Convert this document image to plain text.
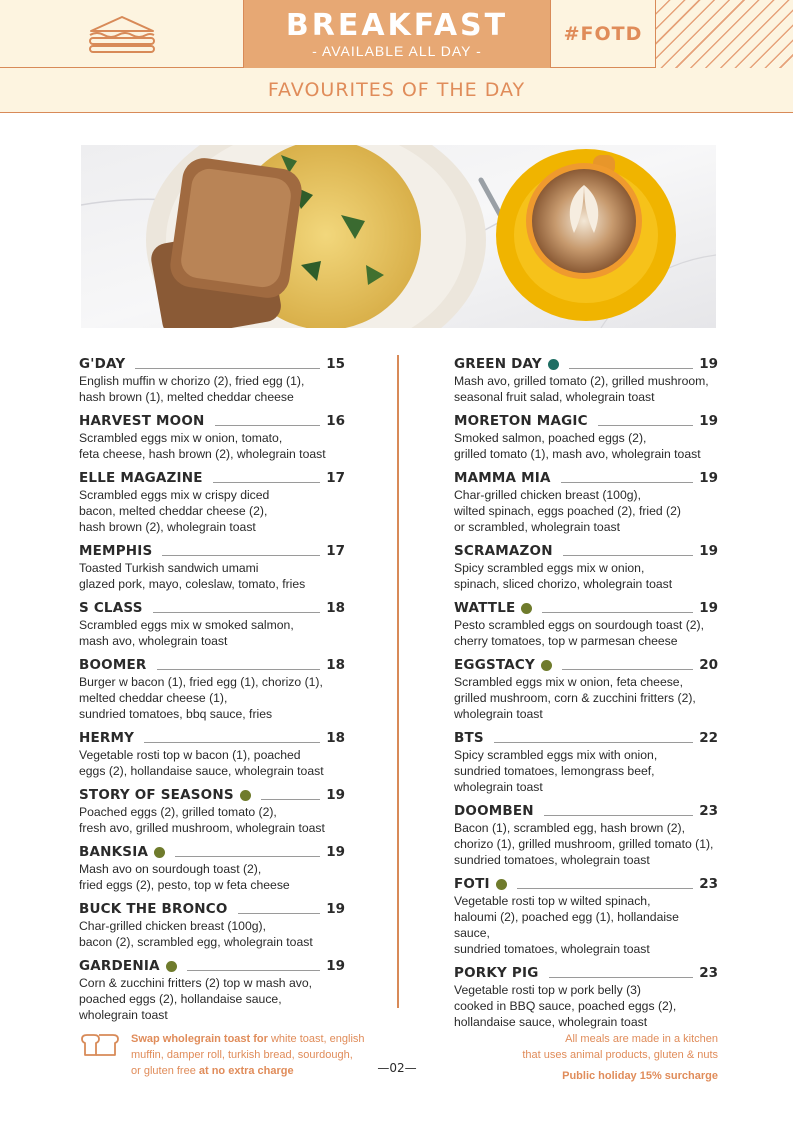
BREAKFAST
- AVAILABLE ALL DAY -
#FOTD
FAVOURITES OF THE DAY
G'DAY	15
English muffin w chorizo (2), fried egg (1),
hash brown (1), melted cheddar cheese
HARVEST MOON	16
Scrambled eggs mix w onion, tomato,
feta cheese, hash brown (2), wholegrain toast
ELLE MAGAZINE	17
Scrambled eggs mix w crispy diced
bacon, melted cheddar cheese (2),
hash brown (2), wholegrain toast
MEMPHIS	17
Toasted Turkish sandwich umami
glazed pork, mayo, coleslaw, tomato, fries
S CLASS	18
Scrambled eggs mix w smoked salmon,
mash avo, wholegrain toast
BOOMER	18
Burger w bacon (1), fried egg (1), chorizo (1),
melted cheddar cheese (1),
sundried tomatoes, bbq sauce, fries
HERMY	18
Vegetable rosti top w bacon (1), poached
eggs (2), hollandaise sauce, wholegrain toast
STORY OF SEASONS	19
Poached eggs (2), grilled tomato (2),
fresh avo, grilled mushroom, wholegrain toast
BANKSIA	19
Mash avo on sourdough toast (2),
fried eggs (2), pesto, top w feta cheese
BUCK THE BRONCO	19
Char-grilled chicken breast (100g),
bacon (2), scrambled egg, wholegrain toast
GARDENIA	19
Corn & zucchini fritters (2) top w mash avo,
poached eggs (2), hollandaise sauce,
wholegrain toast
GREEN DAY	19
Mash avo, grilled tomato (2), grilled mushroom,
seasonal fruit salad, wholegrain toast
MORETON MAGIC	19
Smoked salmon, poached eggs (2),
grilled tomato (1), mash avo, wholegrain toast
MAMMA MIA	19
Char-grilled chicken breast (100g),
wilted spinach, eggs poached (2), fried (2)
or scrambled, wholegrain toast
SCRAMAZON	19
Spicy scrambled eggs mix w onion,
spinach, sliced chorizo, wholegrain toast
WATTLE	19
Pesto scrambled eggs on sourdough toast (2),
cherry tomatoes, top w parmesan cheese
EGGSTACY	20
Scrambled eggs mix w onion, feta cheese,
grilled mushroom, corn & zucchini fritters (2),
wholegrain toast
BTS	22
Spicy scrambled eggs mix with onion,
sundried tomatoes, lemongrass beef,
wholegrain toast
DOOMBEN	23
Bacon (1), scrambled egg, hash brown (2),
chorizo (1), grilled mushroom, grilled tomato (1),
sundried tomatoes, wholegrain toast
FOTI	23
Vegetable rosti top w wilted spinach,
haloumi (2), poached egg (1), hollandaise sauce,
sundried tomatoes, wholegrain toast
PORKY PIG	23
Vegetable rosti top w pork belly (3)
cooked in BBQ sauce, poached eggs (2),
hollandaise sauce, wholegrain toast
Swap wholegrain toast for white toast, english
muffin, damper roll, turkish bread, sourdough,
or gluten free at no extra charge	—02—
All meals are made in a kitchen
that uses animal products, gluten & nuts
Public holiday 15% surcharge
